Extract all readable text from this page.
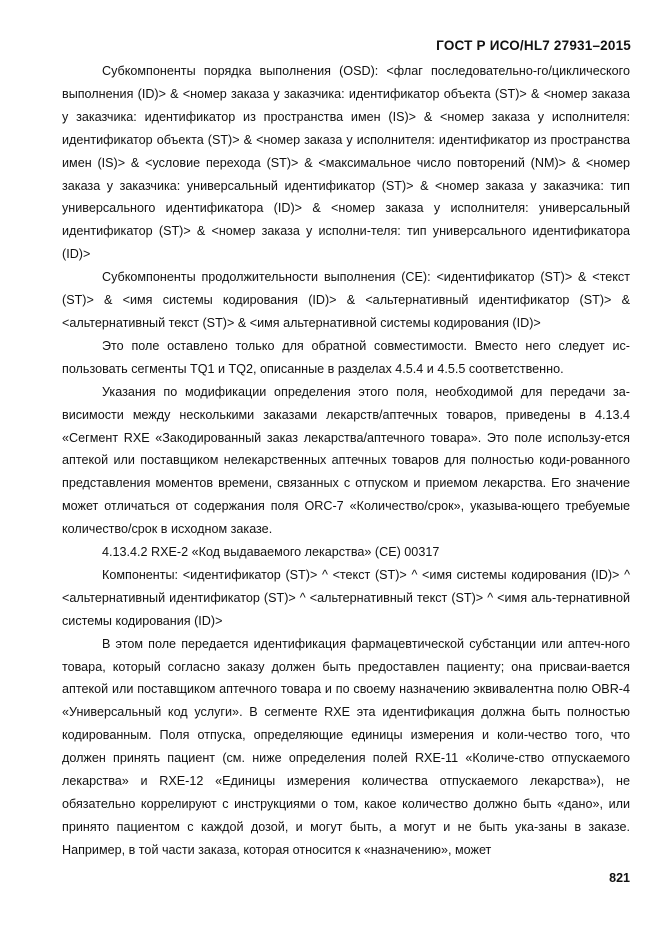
ГОСТ Р ИСО/HL7 27931–2015

Субкомпоненты порядка выполнения (OSD): <флаг последовательно-го/циклического выполнения (ID)> & <номер заказа у заказчика: идентификатор объекта (ST)> & <номер заказа у заказчика: идентификатор из пространства имен (IS)> & <номер заказа у исполнителя: идентификатор объекта (ST)> & <номер заказа у исполнителя: идентификатор из пространства имен (IS)> & <условие перехода (ST)> & <максимальное число повторений (NM)> & <номер заказа у заказчика: универсальный идентификатор (ST)> & <номер заказа у заказчика: тип универсального идентификатора (ID)> & <номер заказа у исполнителя: универсальный идентификатор (ST)> & <номер заказа у исполни-теля: тип универсального идентификатора (ID)>

Субкомпоненты продолжительности выполнения (CE): <идентификатор (ST)> & <текст (ST)> & <имя системы кодирования (ID)> & <альтернативный идентификатор (ST)> & <альтернативный текст (ST)> & <имя альтернативной системы кодирования (ID)>

Это поле оставлено только для обратной совместимости. Вместо него следует ис-пользовать сегменты TQ1 и TQ2, описанные в разделах 4.5.4 и 4.5.5 соответственно.

Указания по модификации определения этого поля, необходимой для передачи за-висимости между несколькими заказами лекарств/аптечных товаров, приведены в 4.13.4 «Сегмент RXE «Закодированный заказ лекарства/аптечного товара». Это поле использу-ется аптекой или поставщиком нелекарственных аптечных товаров для полностью коди-рованного представления моментов времени, связанных с отпуском и приемом лекарства. Его значение может отличаться от содержания поля ORC-7 «Количество/срок», указыва-ющего требуемые количество/срок в исходном заказе.

4.13.4.2 RXE-2 «Код выдаваемого лекарства» (CE) 00317

Компоненты: <идентификатор (ST)> ^ <текст (ST)> ^ <имя системы кодирования (ID)> ^ <альтернативный идентификатор (ST)> ^ <альтернативный текст (ST)> ^ <имя аль-тернативной системы кодирования (ID)>

В этом поле передается идентификация фармацевтической субстанции или аптеч-ного товара, который согласно заказу должен быть предоставлен пациенту; она присваи-вается аптекой или поставщиком аптечного товара и по своему назначению эквивалентна полю OBR-4 «Универсальный код услуги». В сегменте RXE эта идентификация должна быть полностью кодированным. Поля отпуска, определяющие единицы измерения и коли-чество того, что должен принять пациент (см. ниже определения полей RXE-11 «Количе-ство отпускаемого лекарства» и RXE-12 «Единицы измерения количества отпускаемого лекарства»), не обязательно коррелируют с инструкциями о том, какое количество должно быть «дано», или принято пациентом с каждой дозой, и могут быть, а могут и не быть ука-заны в заказе. Например, в той части заказа, которая относится к «назначению», может

821
